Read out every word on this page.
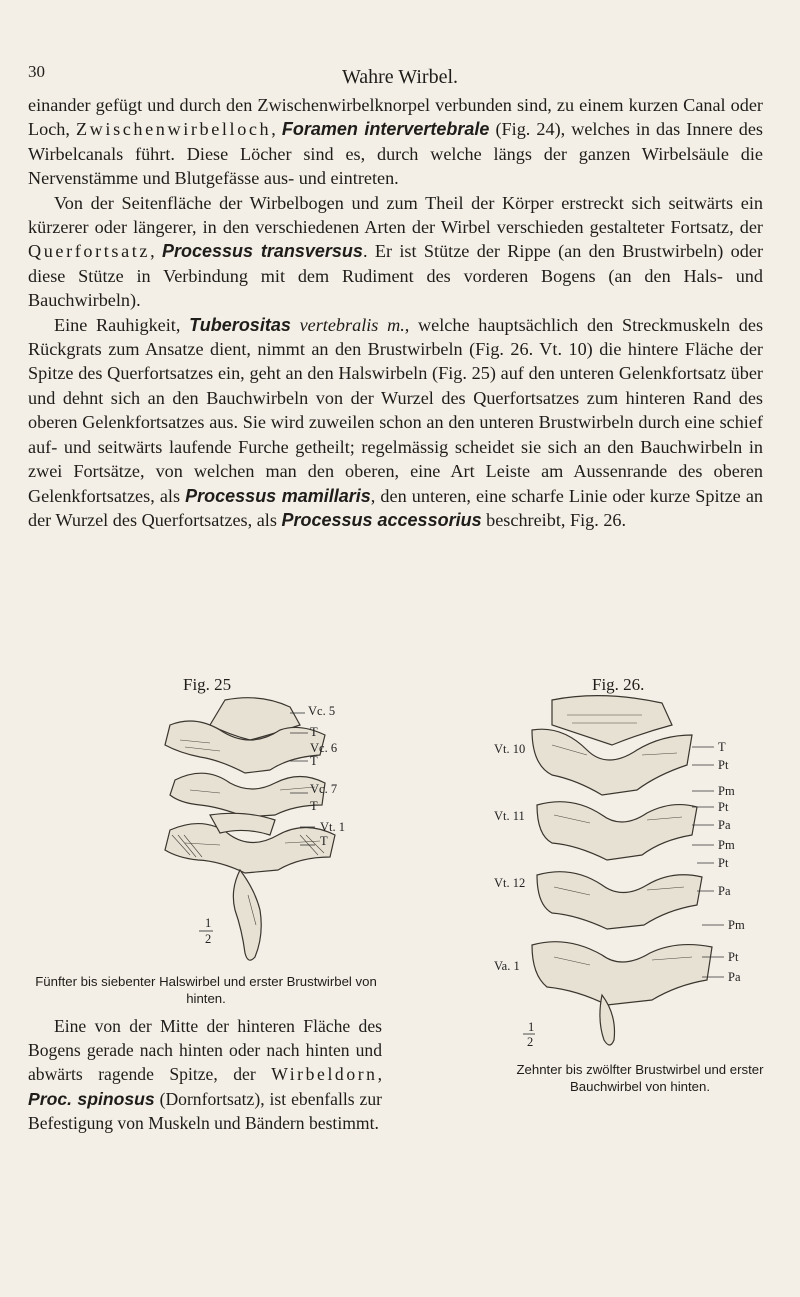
30	Wahre Wirbel.

einander gefügt und durch den Zwischenwirbelknorpel verbunden sind, zu einem kurzen Canal oder Loch, Zwischenwirbelloch, Foramen intervertebrale (Fig. 24), welches in das Innere des Wirbelcanals führt. Diese Löcher sind es, durch welche längs der ganzen Wirbelsäule die Nervenstämme und Blutgefässe aus- und eintreten.

Von der Seitenfläche der Wirbelbogen und zum Theil der Körper erstreckt sich seitwärts ein kürzerer oder längerer, in den verschiedenen Arten der Wirbel verschieden gestalteter Fortsatz, der Querfortsatz, Processus transversus. Er ist Stütze der Rippe (an den Brustwirbeln) oder diese Stütze in Verbindung mit dem Rudiment des vorderen Bogens (an den Hals- und Bauchwirbeln).

Eine Rauhigkeit, Tuberositas vertebralis m., welche hauptsächlich den Streckmuskeln des Rückgrats zum Ansatze dient, nimmt an den Brustwirbeln (Fig. 26. Vt. 10) die hintere Fläche der Spitze des Querfortsatzes ein, geht an den Halswirbeln (Fig. 25) auf den unteren Gelenkfortsatz über und dehnt sich an den Bauchwirbeln von der Wurzel des Querfortsatzes zum hinteren Rand des oberen Gelenkfortsatzes aus. Sie wird zuweilen schon an den unteren Brustwirbeln durch eine schief auf- und seitwärts laufende Furche getheilt; regelmässig scheidet sie sich an den Bauchwirbeln in zwei Fortsätze, von welchen man den oberen, eine Art Leiste am Aussenrande des oberen Gelenkfortsatzes, als Processus mamillaris, den unteren, eine scharfe Linie oder kurze Spitze an der Wurzel des Querfortsatzes, als Processus accessorius beschreibt, Fig. 26.

Fig. 25
Vc. 5
T
Vc. 6
T
Vc. 7
T
Vt. 1
T
1
2
Fünfter bis siebenter Halswirbel und erster Brustwirbel von hinten.
Fig. 26.
Vt. 10
Vt. 11
Vt. 12
Va. 1
T
Pt
Pm
Pt
Pa
Pm
Pt
Pa
Pm
Pt
Pa
1
2
Zehnter bis zwölfter Brustwirbel und erster Bauchwirbel von hinten.

Eine von der Mitte der hinteren Fläche des Bogens gerade nach hinten oder nach hinten und abwärts ragende Spitze, der Wirbeldorn, Proc. spinosus (Dornfortsatz), ist ebenfalls zur Befestigung von Muskeln und Bändern bestimmt.
